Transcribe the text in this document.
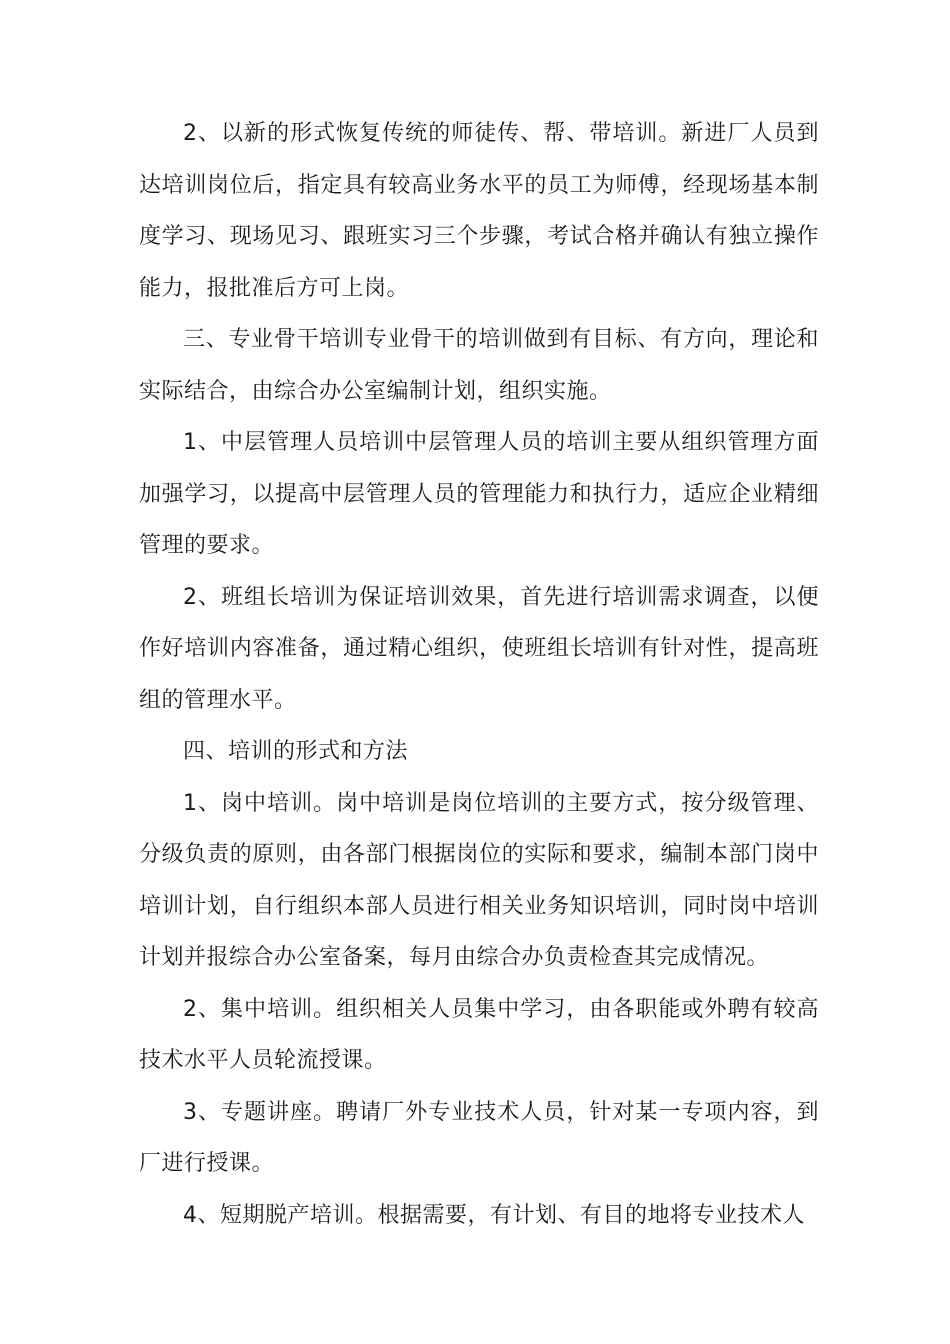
2、以新的形式恢复传统的师徒传、帮、带培训。新进厂人员到达培训岗位后，指定具有较高业务水平的员工为师傅，经现场基本制度学习、现场见习、跟班实习三个步骤，考试合格并确认有独立操作能力，报批准后方可上岗。

三、专业骨干培训专业骨干的培训做到有目标、有方向，理论和实际结合，由综合办公室编制计划，组织实施。

1、中层管理人员培训中层管理人员的培训主要从组织管理方面加强学习，以提高中层管理人员的管理能力和执行力，适应企业精细管理的要求。

2、班组长培训为保证培训效果，首先进行培训需求调查，以便作好培训内容准备，通过精心组织，使班组长培训有针对性，提高班组的管理水平。

四、培训的形式和方法

1、岗中培训。岗中培训是岗位培训的主要方式，按分级管理、分级负责的原则，由各部门根据岗位的实际和要求，编制本部门岗中培训计划，自行组织本部人员进行相关业务知识培训，同时岗中培训计划并报综合办公室备案，每月由综合办负责检查其完成情况。

2、集中培训。组织相关人员集中学习，由各职能或外聘有较高技术水平人员轮流授课。

3、专题讲座。聘请厂外专业技术人员，针对某一专项内容，到厂进行授课。

4、短期脱产培训。根据需要，有计划、有目的地将专业技术人
